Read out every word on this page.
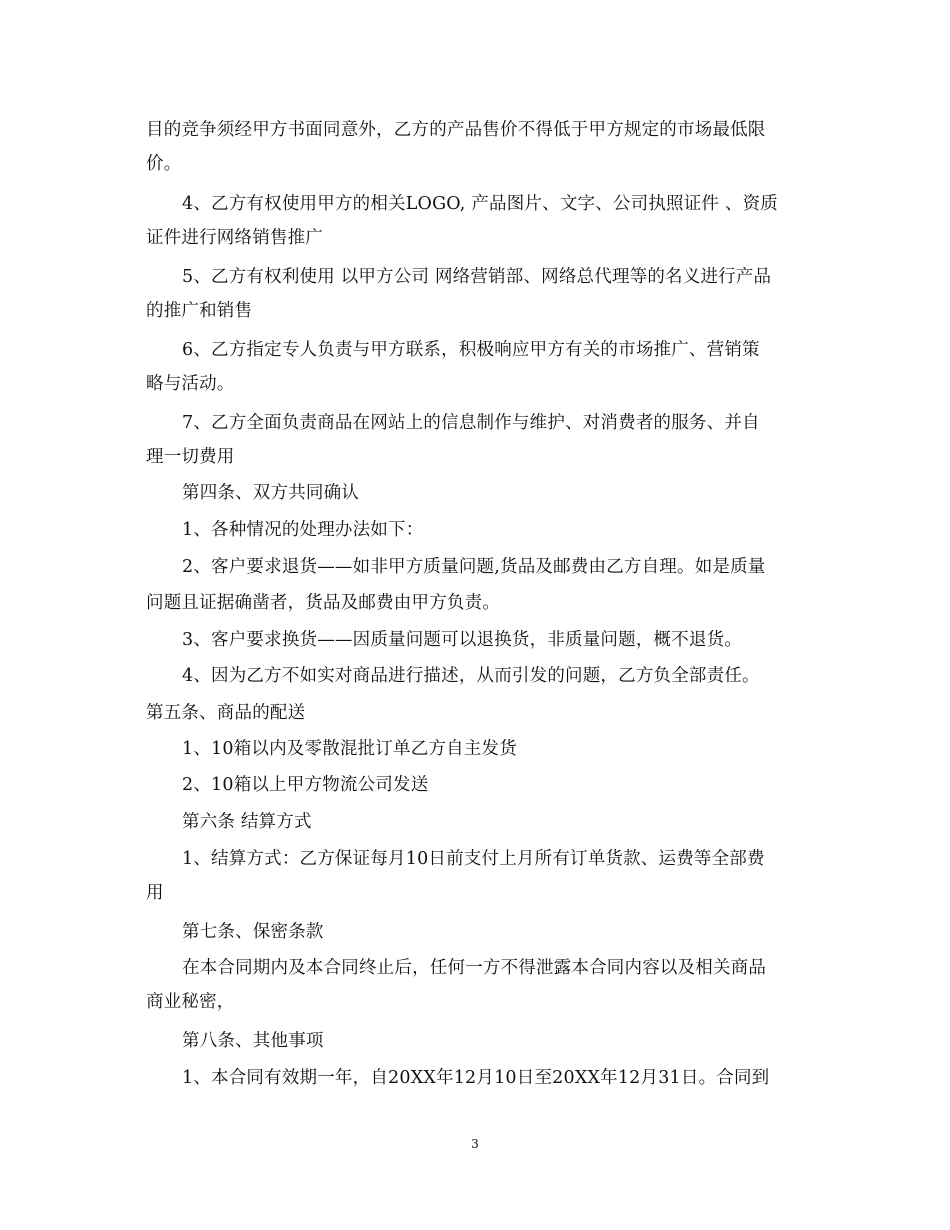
目的竞争须经甲方书面同意外，乙方的产品售价不得低于甲方规定的市场最低限
价。
4、乙方有权使用甲方的相关LOGO, 产品图片、文字、公司执照证件 、资质
证件进行网络销售推广
5、乙方有权利使用 以甲方公司 网络营销部、网络总代理等的名义进行产品
的推广和销售
6、乙方指定专人负责与甲方联系，积极响应甲方有关的市场推广、营销策
略与活动。
7、乙方全面负责商品在网站上的信息制作与维护、对消费者的服务、并自
理一切费用
第四条、双方共同确认
1、各种情况的处理办法如下：
2、客户要求退货——如非甲方质量问题,货品及邮费由乙方自理。如是质量
问题且证据确凿者，货品及邮费由甲方负责。
3、客户要求换货——因质量问题可以退换货，非质量问题，概不退货。
4、因为乙方不如实对商品进行描述，从而引发的问题，乙方负全部责任。
第五条、商品的配送
1、10箱以内及零散混批订单乙方自主发货
2、10箱以上甲方物流公司发送
第六条 结算方式
1、结算方式：乙方保证每月10日前支付上月所有订单货款、运费等全部费
用
第七条、保密条款
在本合同期内及本合同终止后，任何一方不得泄露本合同内容以及相关商品
商业秘密，
第八条、其他事项
1、本合同有效期一年，自20XX年12月10日至20XX年12月31日。合同到
3
